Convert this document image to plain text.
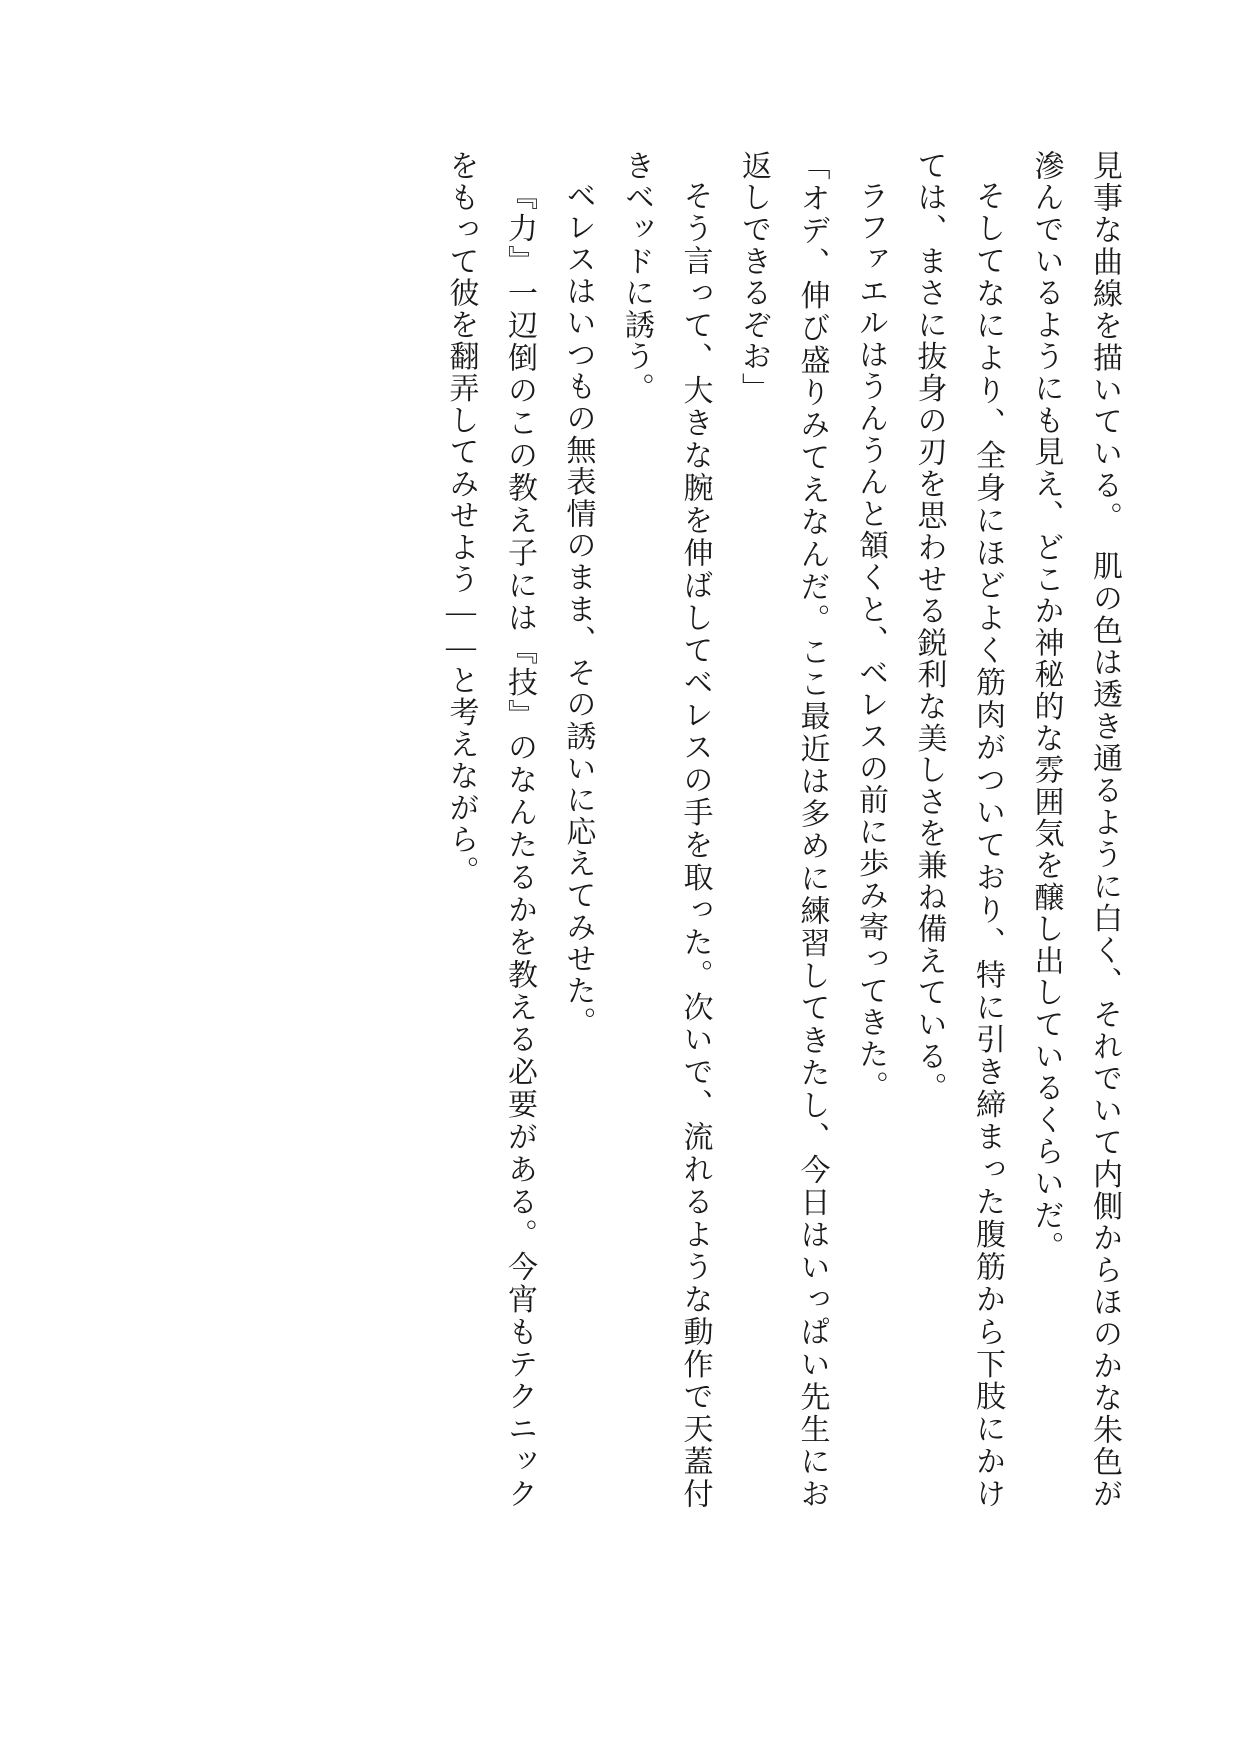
見事な曲線を描いている。　肌の色は透き通るように白く、それでいて内側からほのかな朱色が滲んでいるようにも見え、どこか神秘的な雰囲気を醸し出しているくらいだ。

そしてなにより、全身にほどよく筋肉がついており、特に引き締まった腹筋から下肢にかけては、まさに抜身の刃を思わせる鋭利な美しさを兼ね備えている。

ラファエルはうんうんと頷くと、ベレスの前に歩み寄ってきた。

「オデ、伸び盛りみてえなんだ。ここ最近は多めに練習してきたし、今日はいっぱい先生にお返しできるぞお」

そう言って、大きな腕を伸ばしてベレスの手を取った。次いで、流れるような動作で天蓋付きベッドに誘う。

ベレスはいつもの無表情のまま、その誘いに応えてみせた。

『力』一辺倒のこの教え子には『技』のなんたるかを教える必要がある。今宵もテクニックをもって彼を翻弄してみせよう――と考えながら。
